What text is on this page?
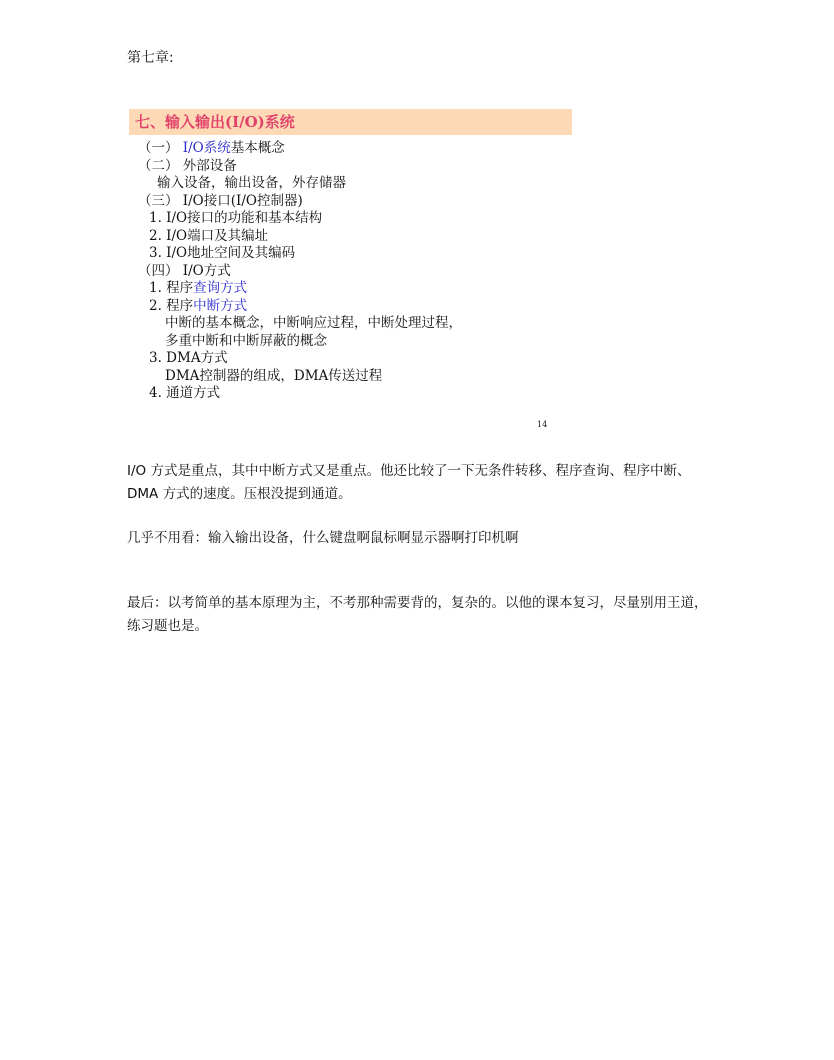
第七章:
七、输入输出(I/O)系统
（一） I/O系统基本概念
（二） 外部设备
输入设备，输出设备，外存储器
（三） I/O接口(I/O控制器)
1. I/O接口的功能和基本结构
2. I/O端口及其编址
3. I/O地址空间及其编码
（四） I/O方式
1. 程序查询方式
2. 程序中断方式
中断的基本概念，中断响应过程，中断处理过程，
多重中断和中断屏蔽的概念
3. DMA方式
DMA控制器的组成，DMA传送过程
4. 通道方式
14
I/O 方式是重点，其中中断方式又是重点。他还比较了一下无条件转移、程序查询、程序中断、DMA 方式的速度。压根没提到通道。
几乎不用看：输入输出设备，什么键盘啊鼠标啊显示器啊打印机啊
最后：以考简单的基本原理为主，不考那种需要背的，复杂的。以他的课本复习，尽量别用王道，练习题也是。
